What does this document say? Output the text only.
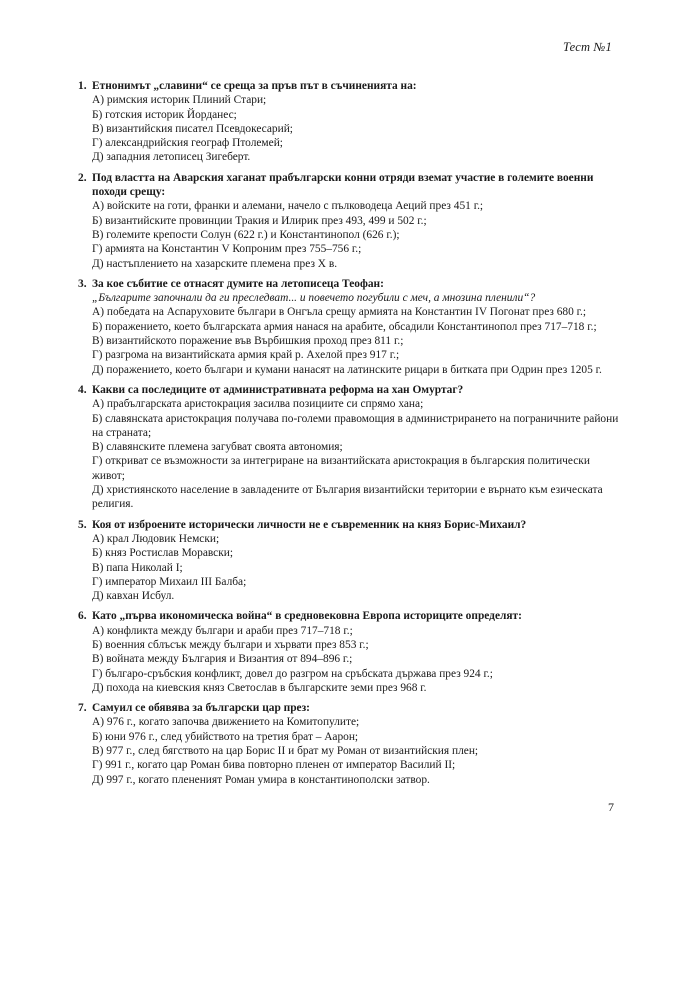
Тест №1
1. Етнонимът „славини“ се среща за пръв път в съчиненията на:
А) римския историк Плиний Стари;
Б) готския историк Йорданес;
В) византийския писател Псевдокесарий;
Г) александрийския географ Птолемей;
Д) западния летописец Зигеберт.
2. Под властта на Аварския хаганат прабългарски конни отряди вземат участие в големите военни походи срещу:
А) войските на готи, франки и алемани, начело с пълководеца Аеций през 451 г.;
Б) византийските провинции Тракия и Илирик през 493, 499 и 502 г.;
В) големите крепости Солун (622 г.) и Константинопол (626 г.);
Г) армията на Константин V Копроним през 755–756 г.;
Д) настъплението на хазарските племена през X в.
3. За кое събитие се отнасят думите на летописеца Теофан:
„Българите започнали да ги преследват... и повечето погубили с меч, а мнозина пленили“?
А) победата на Аспаруховите българи в Онгъла срещу армията на Константин IV Погонат през 680 г.;
Б) поражението, което българската армия нанася на арабите, обсадили Константинопол през 717–718 г.;
В) византийското поражение във Върбишкия проход през 811 г.;
Г) разгрома на византийската армия край р. Ахелой през 917 г.;
Д) поражението, което българи и кумани нанасят на латинските рицари в битката при Одрин през 1205 г.
4. Какви са последиците от административната реформа на хан Омуртаг?
А) прабългарската аристокрация засилва позициите си спрямо хана;
Б) славянската аристокрация получава по-големи правомощия в администрирането на пограничните райони на страната;
В) славянските племена загубват своята автономия;
Г) откриват се възможности за интегриране на византийската аристокрация в българския политически живот;
Д) християнското население в завладените от България византийски територии е върнато към езическата религия.
5. Коя от изброените исторически личности не е съвременник на княз Борис-Михаил?
А) крал Людовик Немски;
Б) княз Ростислав Моравски;
В) папа Николай I;
Г) император Михаил III Балба;
Д) кавхан Исбул.
6. Като „първа икономическа война“ в средновековна Европа историците определят:
А) конфликта между българи и араби през 717–718 г.;
Б) военния сблъсък между българи и хървати през 853 г.;
В) войната между България и Византия от 894–896 г.;
Г) българо-сръбския конфликт, довел до разгром на сръбската държава през 924 г.;
Д) похода на киевския княз Светослав в българските земи през 968 г.
7. Самуил се обявява за български цар през:
А) 976 г., когато започва движението на Комитопулите;
Б) юни 976 г., след убийството на третия брат – Аарон;
В) 977 г., след бягството на цар Борис II и брат му Роман от византийския плен;
Г) 991 г., когато цар Роман бива повторно пленен от император Василий II;
Д) 997 г., когато плененият Роман умира в константинополски затвор.
7
